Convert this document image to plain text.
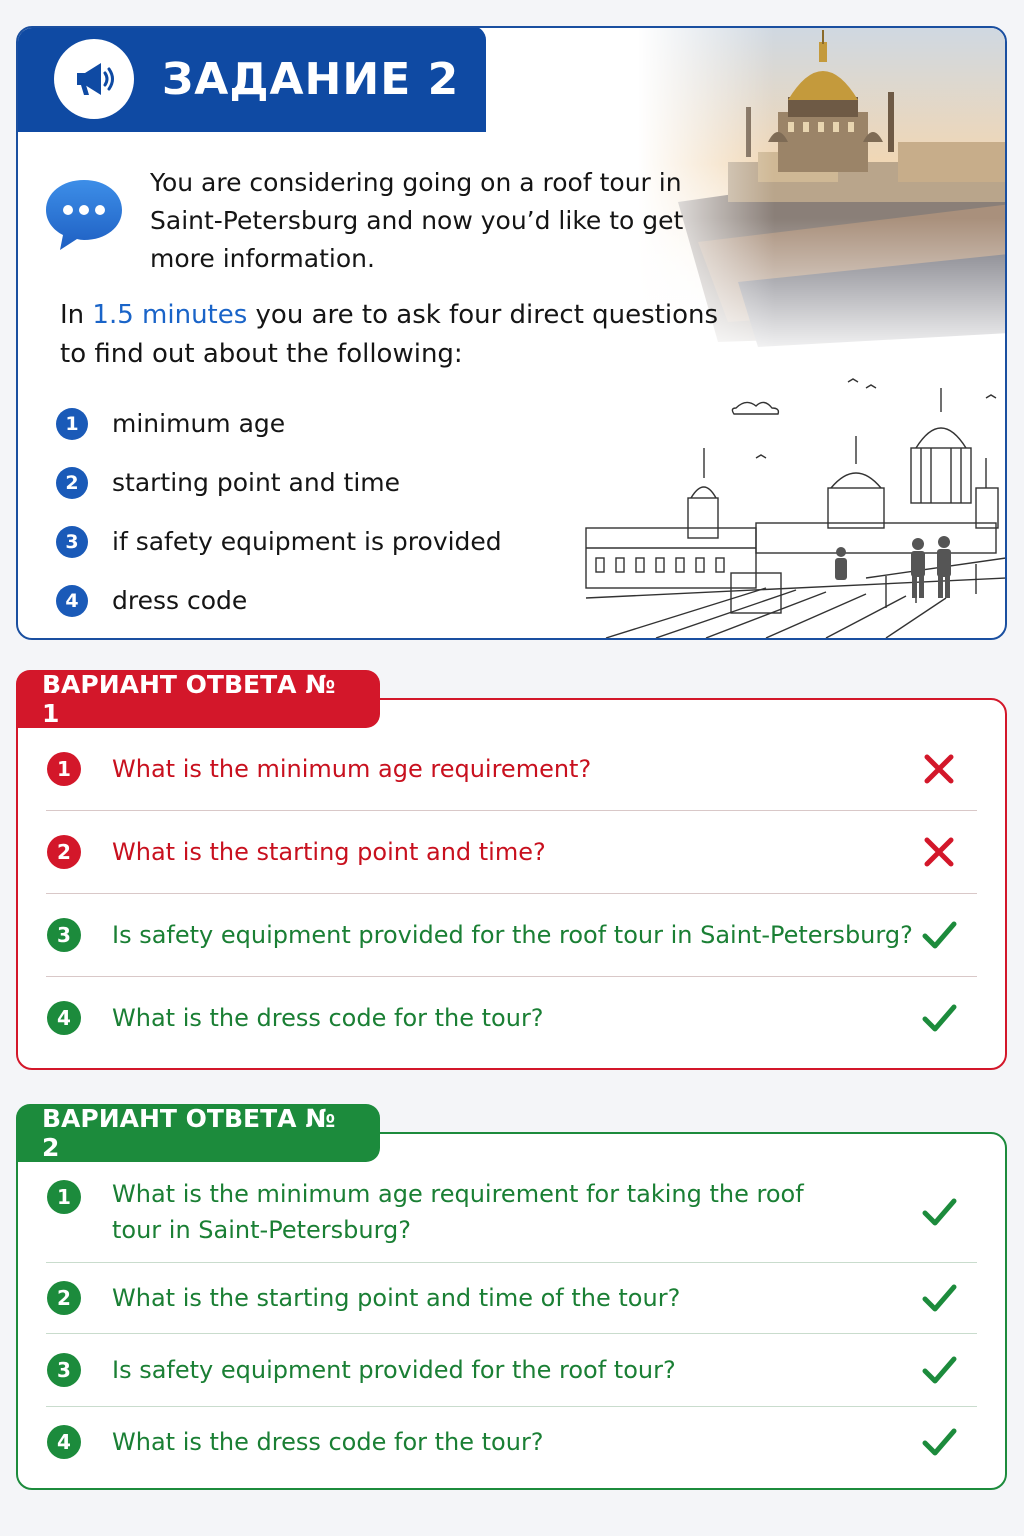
ЗАДАНИЕ 2
You are considering going on a roof tour in Saint-Petersburg and now you’d like to get more information.
In 1.5 minutes you are to ask four direct questions to find out about the following:
1	minimum age
2	starting point and time
3	if safety equipment is provided
4	dress code
ВАРИАНТ ОТВЕТА № 1
1	What is the minimum age requirement?
2	What is the starting point and time?
3	Is safety equipment provided for the roof tour in Saint-Petersburg?
4	What is the dress code for the tour?
ВАРИАНТ ОТВЕТА № 2
1	What is the minimum age requirement for taking the roof tour in Saint-Petersburg?
2	What is the starting point and time of the tour?
3	Is safety equipment provided for the roof tour?
4	What is the dress code for the tour?
